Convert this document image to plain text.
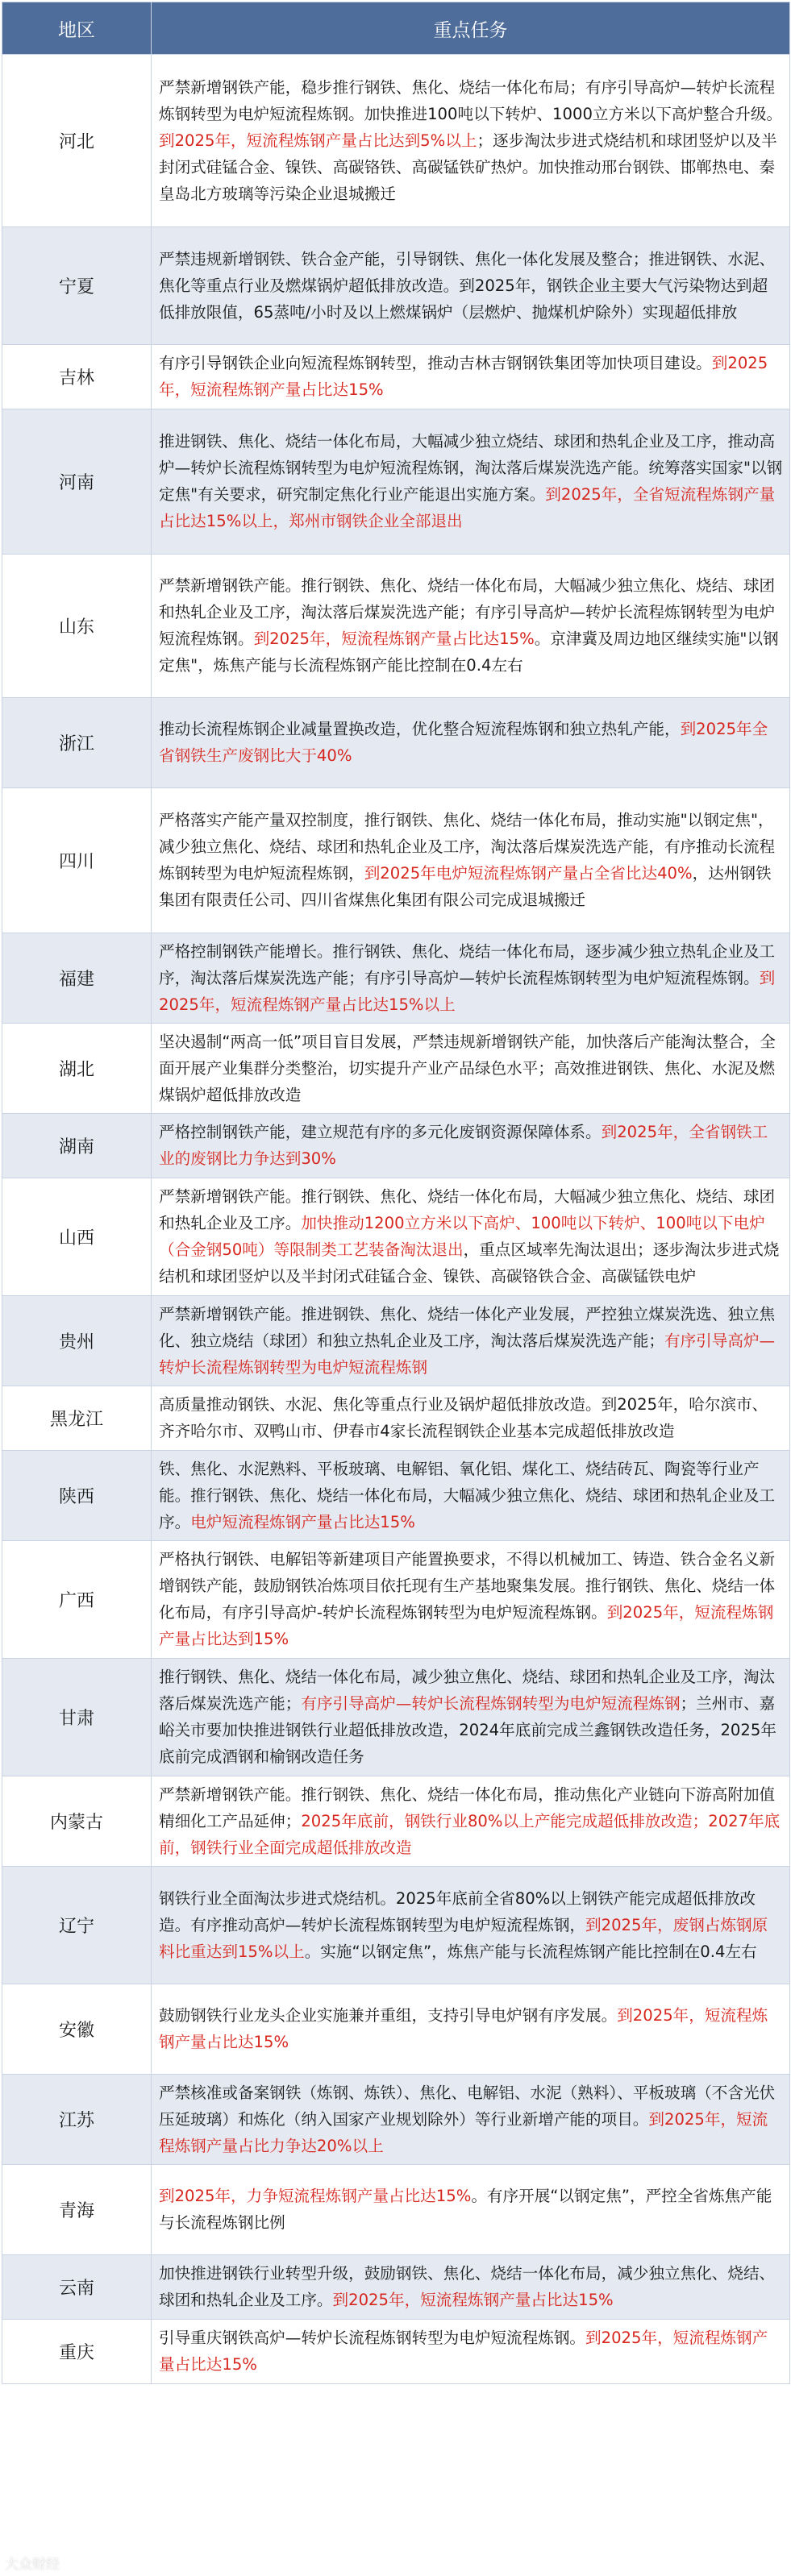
地区	重点任务
河北	严禁新增钢铁产能，稳步推行钢铁、焦化、烧结一体化布局；有序引导高炉—转炉长流程炼钢转型为电炉短流程炼钢。加快推进100吨以下转炉、1000立方米以下高炉整合升级。到2025年，短流程炼钢产量占比达到5%以上；逐步淘汰步进式烧结机和球团竖炉以及半封闭式硅锰合金、镍铁、高碳铬铁、高碳锰铁矿热炉。加快推动邢台钢铁、邯郸热电、秦皇岛北方玻璃等污染企业退城搬迁
宁夏	严禁违规新增钢铁、铁合金产能，引导钢铁、焦化一体化发展及整合；推进钢铁、水泥、焦化等重点行业及燃煤锅炉超低排放改造。到2025年，钢铁企业主要大气污染物达到超低排放限值，65蒸吨/小时及以上燃煤锅炉（层燃炉、抛煤机炉除外）实现超低排放
吉林	有序引导钢铁企业向短流程炼钢转型，推动吉林吉钢钢铁集团等加快项目建设。到2025年，短流程炼钢产量占比达15%
河南	推进钢铁、焦化、烧结一体化布局，大幅减少独立烧结、球团和热轧企业及工序，推动高炉—转炉长流程炼钢转型为电炉短流程炼钢，淘汰落后煤炭洗选产能。统筹落实国家"以钢定焦"有关要求，研究制定焦化行业产能退出实施方案。到2025年，全省短流程炼钢产量占比达15%以上，郑州市钢铁企业全部退出
山东	严禁新增钢铁产能。推行钢铁、焦化、烧结一体化布局，大幅减少独立焦化、烧结、球团和热轧企业及工序，淘汰落后煤炭洗选产能；有序引导高炉—转炉长流程炼钢转型为电炉短流程炼钢。到2025年，短流程炼钢产量占比达15%。京津冀及周边地区继续实施"以钢定焦"，炼焦产能与长流程炼钢产能比控制在0.4左右
浙江	推动长流程炼钢企业减量置换改造，优化整合短流程炼钢和独立热轧产能，到2025年全省钢铁生产废钢比大于40%
四川	严格落实产能产量双控制度，推行钢铁、焦化、烧结一体化布局，推动实施"以钢定焦"，减少独立焦化、烧结、球团和热轧企业及工序，淘汰落后煤炭洗选产能，有序推动长流程炼钢转型为电炉短流程炼钢，到2025年电炉短流程炼钢产量占全省比达40%，达州钢铁集团有限责任公司、四川省煤焦化集团有限公司完成退城搬迁
福建	严格控制钢铁产能增长。推行钢铁、焦化、烧结一体化布局，逐步减少独立热轧企业及工序，淘汰落后煤炭洗选产能；有序引导高炉—转炉长流程炼钢转型为电炉短流程炼钢。到2025年，短流程炼钢产量占比达15%以上
湖北	坚决遏制“两高一低”项目盲目发展，严禁违规新增钢铁产能，加快落后产能淘汰整合，全面开展产业集群分类整治，切实提升产业产品绿色水平；高效推进钢铁、焦化、水泥及燃煤锅炉超低排放改造
湖南	严格控制钢铁产能，建立规范有序的多元化废钢资源保障体系。到2025年，全省钢铁工业的废钢比力争达到30%
山西	严禁新增钢铁产能。推行钢铁、焦化、烧结一体化布局，大幅减少独立焦化、烧结、球团和热轧企业及工序。加快推动1200立方米以下高炉、100吨以下转炉、100吨以下电炉（合金钢50吨）等限制类工艺装备淘汰退出，重点区域率先淘汰退出；逐步淘汰步进式烧结机和球团竖炉以及半封闭式硅锰合金、镍铁、高碳铬铁合金、高碳锰铁电炉
贵州	严禁新增钢铁产能。推进钢铁、焦化、烧结一体化产业发展，严控独立煤炭洗选、独立焦化、独立烧结（球团）和独立热轧企业及工序，淘汰落后煤炭洗选产能；有序引导高炉—转炉长流程炼钢转型为电炉短流程炼钢
黑龙江	高质量推动钢铁、水泥、焦化等重点行业及锅炉超低排放改造。到2025年，哈尔滨市、齐齐哈尔市、双鸭山市、伊春市4家长流程钢铁企业基本完成超低排放改造
陕西	铁、焦化、水泥熟料、平板玻璃、电解铝、氧化铝、煤化工、烧结砖瓦、陶瓷等行业产能。推行钢铁、焦化、烧结一体化布局，大幅减少独立焦化、烧结、球团和热轧企业及工序。电炉短流程炼钢产量占比达15%
广西	严格执行钢铁、电解铝等新建项目产能置换要求，不得以机械加工、铸造、铁合金名义新增钢铁产能，鼓励钢铁冶炼项目依托现有生产基地聚集发展。推行钢铁、焦化、烧结一体化布局，有序引导高炉-转炉长流程炼钢转型为电炉短流程炼钢。到2025年，短流程炼钢产量占比达到15%
甘肃	推行钢铁、焦化、烧结一体化布局，减少独立焦化、烧结、球团和热轧企业及工序，淘汰落后煤炭洗选产能；有序引导高炉—转炉长流程炼钢转型为电炉短流程炼钢；兰州市、嘉峪关市要加快推进钢铁行业超低排放改造，2024年底前完成兰鑫钢铁改造任务，2025年底前完成酒钢和榆钢改造任务
内蒙古	严禁新增钢铁产能。推行钢铁、焦化、烧结一体化布局，推动焦化产业链向下游高附加值精细化工产品延伸；2025年底前，钢铁行业80%以上产能完成超低排放改造；2027年底前，钢铁行业全面完成超低排放改造
辽宁	钢铁行业全面淘汰步进式烧结机。2025年底前全省80%以上钢铁产能完成超低排放改造。有序推动高炉—转炉长流程炼钢转型为电炉短流程炼钢，到2025年，废钢占炼钢原料比重达到15%以上。实施“以钢定焦”，炼焦产能与长流程炼钢产能比控制在0.4左右
安徽	鼓励钢铁行业龙头企业实施兼并重组，支持引导电炉钢有序发展。到2025年，短流程炼钢产量占比达15%
江苏	严禁核准或备案钢铁（炼钢、炼铁）、焦化、电解铝、水泥（熟料）、平板玻璃（不含光伏压延玻璃）和炼化（纳入国家产业规划除外）等行业新增产能的项目。到2025年，短流程炼钢产量占比力争达20%以上
青海	到2025年，力争短流程炼钢产量占比达15%。有序开展“以钢定焦”，严控全省炼焦产能与长流程炼钢比例
云南	加快推进钢铁行业转型升级，鼓励钢铁、焦化、烧结一体化布局，减少独立焦化、烧结、球团和热轧企业及工序。到2025年，短流程炼钢产量占比达15%
重庆	引导重庆钢铁高炉—转炉长流程炼钢转型为电炉短流程炼钢。到2025年，短流程炼钢产量占比达15%
大众财经
